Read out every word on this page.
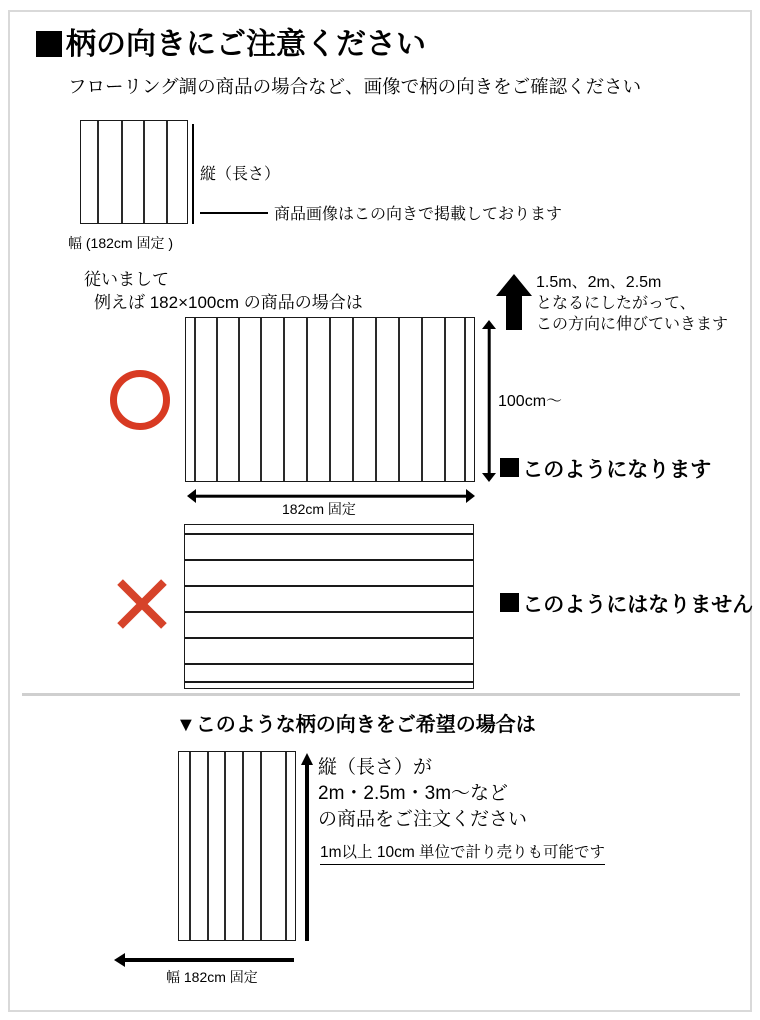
柄の向きにご注意ください
フローリング調の商品の場合など、画像で柄の向きをご確認ください
縦（長さ）
商品画像はこの向きで掲載しております
幅 (182cm 固定 )
従いまして
例えば 182×100cm の商品の場合は
1.5m、2m、2.5m
となるにしたがって、
この方向に伸びていきます
100cm〜
182cm 固定
このようになります
このようにはなりません
▼このような柄の向きをご希望の場合は
縦（長さ）が
2m・2.5m・3m〜など
の商品をご注文ください
1m以上 10cm 単位で計り売りも可能です
幅 182cm 固定
